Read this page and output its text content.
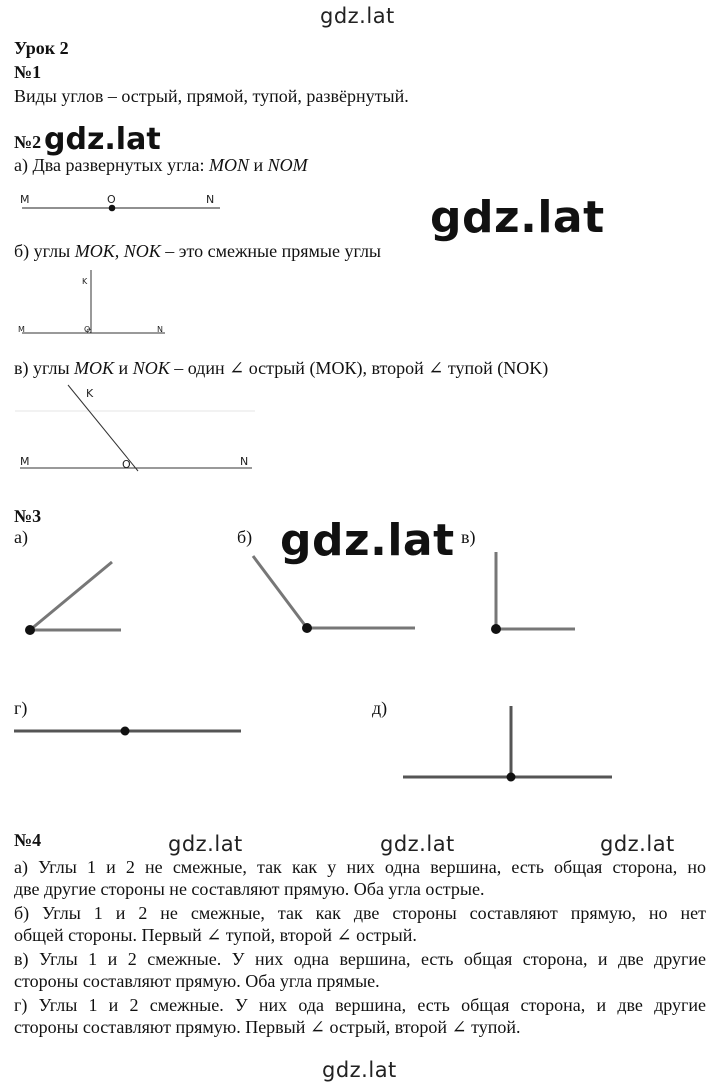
gdz.lat
gdz.lat
gdz.lat
gdz.lat	gdz.lat	gdz.lat
gdz.lat
Урок 2
№1
Виды углов – острый, прямой, тупой, развёрнутый.
№2 gdz.lat
а) Два развернутых угла: MON и NOM
б) углы MOK, NOK – это смежные прямые углы
в) углы MOK и NOK – один ∠ острый (МОК), второй ∠ тупой (NOK)
№3
а)	б)	в)
г)	д)
M	O	N
K
M	O	N
K
M	O	N
№4
а) Углы 1 и 2 не смежные, так как у них одна вершина, есть общая сторона, но
две другие стороны не составляют прямую. Оба угла острые.
б) Углы 1 и 2 не смежные, так как две стороны составляют прямую, но нет
общей стороны. Первый ∠ тупой, второй ∠ острый.
в) Углы 1 и 2 смежные. У них одна вершина, есть общая сторона, и две другие
стороны составляют прямую. Оба угла прямые.
г) Углы 1 и 2 смежные. У них ода вершина, есть общая сторона, и две другие
стороны составляют прямую. Первый ∠ острый, второй ∠ тупой.
